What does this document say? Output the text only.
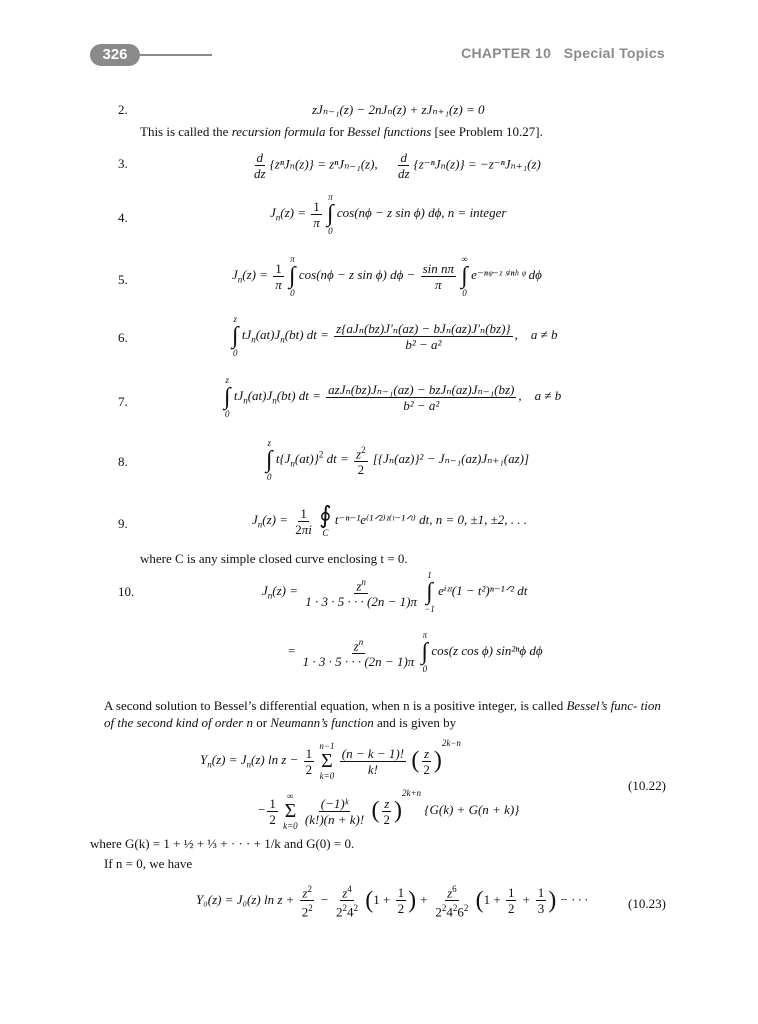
326	CHAPTER 10 Special Topics
2.	zJₙ₋₁(z) − 2nJₙ(z) + zJₙ₊₁(z) = 0
This is called the recursion formula for Bessel functions [see Problem 10.27].
3.	$\frac{d}{dz} \{z^nJ_n(z)\} = z^nJ_{n-1}(z)$, $\frac{d}{dz} \{z^{-n}J_n(z)\} = -z^{-n}J_{n+1}(z)$
4.	$J_n(z) = \frac{1}{\pi}$

π
∫
0
cos(nϕ − z sin ϕ) dϕ, n = integer
5.	$J_n(z) = \frac{1}{\pi}$

π
∫
0
cos(nϕ − z sin ϕ) $d\phi - \frac{\text{sin nπ}}{\pi}$

∞
∫
0
e⁻ⁿᵠ⁻ᶻ ˢⁱⁿʰ ᵠ dϕ
6.
z
∫
0
$tJ_n(at)J_n(bt)$ dt = $\frac{\text{z\{aJₙ(bz)J′ₙ(az) − bJₙ(az)J′ₙ(bz)\}}}{\text{b² − a²}}$ ,    a ≠ b
7.
z
∫
0
$tJ_n(at)J_n(bt)$ dt = $\frac{\text{azJₙ(bz)Jₙ₋₁(az) − bzJₙ(az)Jₙ₋₁(bz)}}{\text{b² − a²}}$ ,    a ≠ b
8.
z
∫
0
$t\{J_n(at)\}^2$ dt = $\frac{z^2}{2} [\{J_n(az)\}^2 - J_{n-1}(az)J_{n+1}(az)]$
9.	$J_n(z) = \frac{1}{2\pi i}$
∮
C
t⁻ⁿ⁻¹e⁽¹ᐟ²⁾ᶻ⁽ᵗ⁻¹ᐟᵗ⁾ dt, n = 0, ±1, ±2, . . .
where C is any simple closed curve enclosing t = 0.
10.	$J_n(z) = \frac{z^n}{1 \cdot 3 \cdot 5 \cdot \cdot \cdot (2n - 1)\pi}$
1
∫
−1
eⁱᶻᵗ(1 − t²)ⁿ⁻¹ᐟ² dt
= $\frac{z^n}{1 \cdot 3 \cdot 5 \cdot \cdot \cdot (2n - 1)\pi}$
π
∫
0
cos(z cos ϕ) sin²ⁿϕ dϕ
A second solution to Bessel’s differential equation, when n is a positive integer, is called Bessel’s func- tion of the second kind of order n or Neumann’s function and is given by
$Y_n(z) = J_n(z)$ $\ln z - \frac{1}{2}$
n−1
Σ
k=0
$\frac{(n - k - 1)!}{k!}$ ( $\frac{z}{2} )^{2k-n}$
(10.22)
− $\frac{1}{2}$
∞
Σ
k=0
$\frac{\text{(−1)ᵏ}}{(k!)(n + k)!}$ ( $\frac{z}{2} )^{2k+n}$ {G(k) + G(n + k)}
where G(k) = 1 + ½ + ⅓ + · · · + 1/k and G(0) = 0.
If n = 0, we have
Y₀(z) = J₀(z) $\ln z + \frac{z^2}{2^2} - \frac{z^4}{2^24^2} (1 + \frac{1}{2}$ ) + $\frac{z^6}{2^24^26^2} (1 + \frac{1}{2} + \frac{1}{3}$ ) − · · ·	(10.23)
